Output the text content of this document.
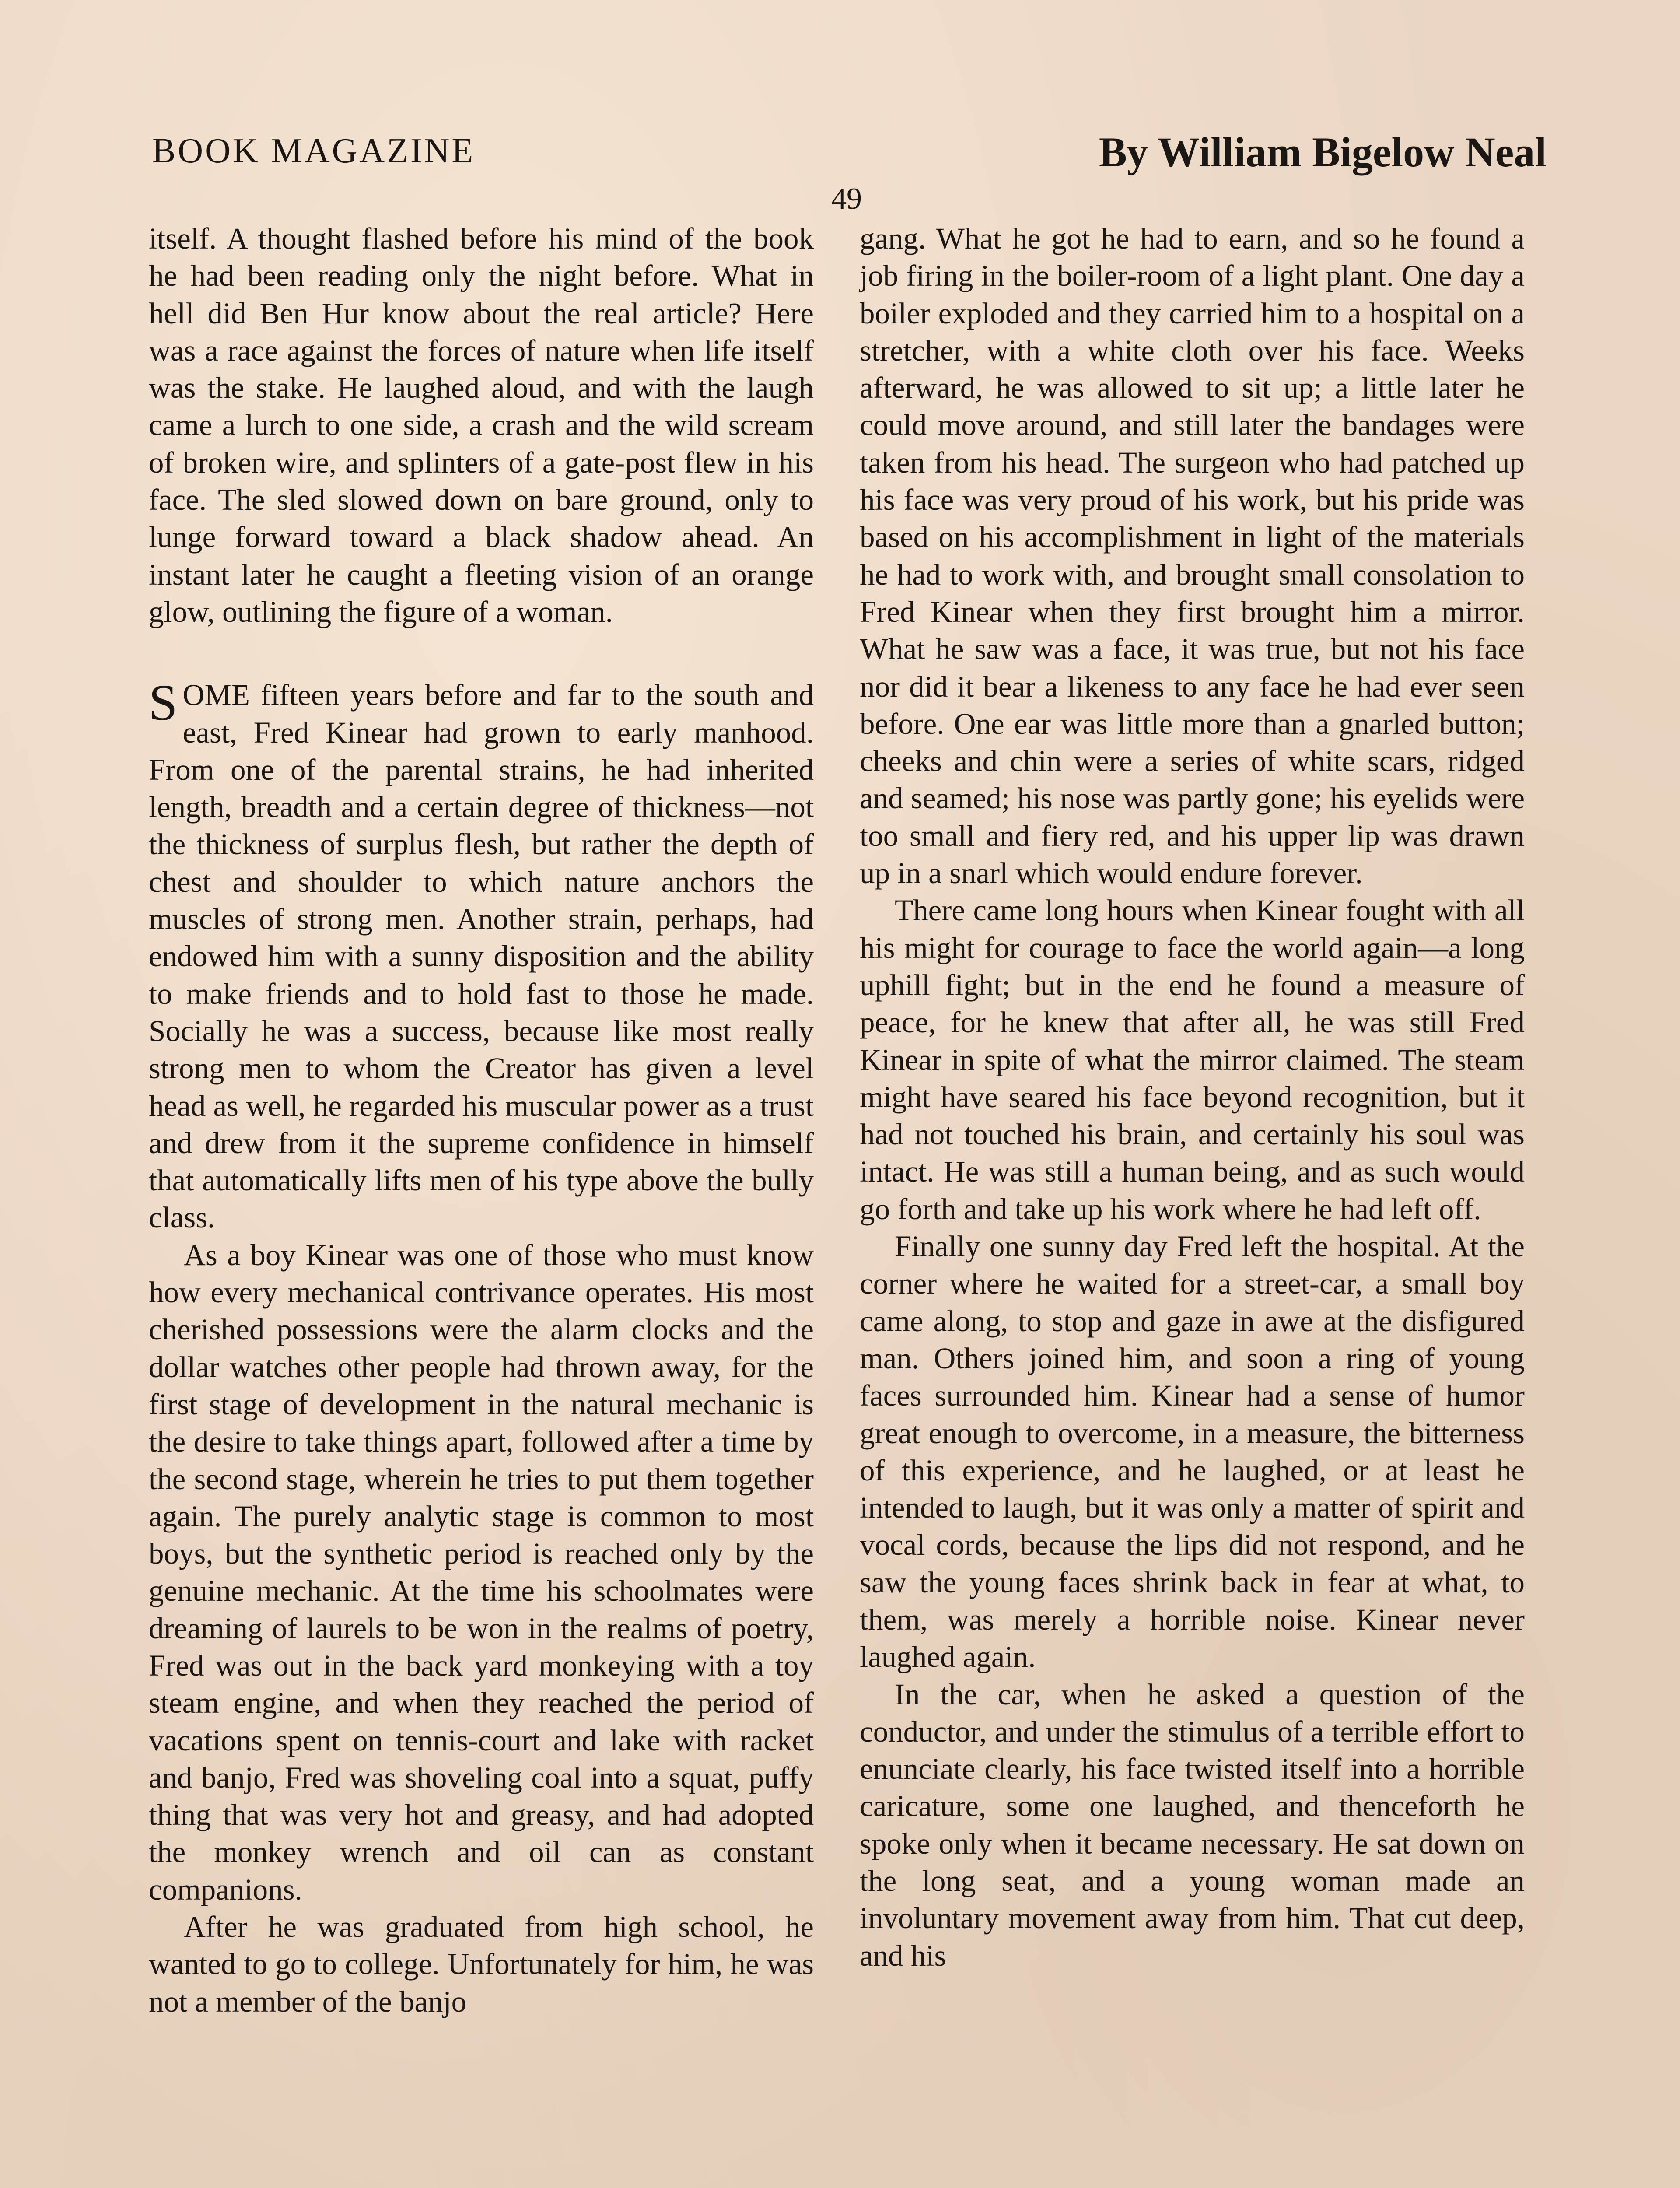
BOOK MAGAZINE	By William Bigelow Neal
49

itself. A thought flashed before his mind of the book he had been reading only the night before. What in hell did Ben Hur know about the real article? Here was a race against the forces of nature when life itself was the stake. He laughed aloud, and with the laugh came a lurch to one side, a crash and the wild scream of broken wire, and splinters of a gate-post flew in his face. The sled slowed down on bare ground, only to lunge forward toward a black shadow ahead. An instant later he caught a fleeting vision of an orange glow, outlining the figure of a woman.

SOME fifteen years before and far to the south and east, Fred Kinear had grown to early manhood. From one of the parental strains, he had inherited length, breadth and a certain degree of thickness—not the thickness of surplus flesh, but rather the depth of chest and shoulder to which nature anchors the muscles of strong men. Another strain, perhaps, had endowed him with a sunny disposition and the ability to make friends and to hold fast to those he made. Socially he was a success, because like most really strong men to whom the Creator has given a level head as well, he regarded his muscular power as a trust and drew from it the supreme confidence in himself that automatically lifts men of his type above the bully class.

As a boy Kinear was one of those who must know how every mechanical contrivance operates. His most cherished possessions were the alarm clocks and the dollar watches other people had thrown away, for the first stage of development in the natural mechanic is the desire to take things apart, followed after a time by the second stage, wherein he tries to put them together again. The purely analytic stage is common to most boys, but the synthetic period is reached only by the genuine mechanic. At the time his schoolmates were dreaming of laurels to be won in the realms of poetry, Fred was out in the back yard monkeying with a toy steam engine, and when they reached the period of vacations spent on tennis-court and lake with racket and banjo, Fred was shoveling coal into a squat, puffy thing that was very hot and greasy, and had adopted the monkey wrench and oil can as constant companions.

After he was graduated from high school, he wanted to go to college. Unfortunately for him, he was not a member of the banjo

gang. What he got he had to earn, and so he found a job firing in the boiler-room of a light plant. One day a boiler exploded and they carried him to a hospital on a stretcher, with a white cloth over his face. Weeks afterward, he was allowed to sit up; a little later he could move around, and still later the bandages were taken from his head. The surgeon who had patched up his face was very proud of his work, but his pride was based on his accomplishment in light of the materials he had to work with, and brought small consolation to Fred Kinear when they first brought him a mirror. What he saw was a face, it was true, but not his face nor did it bear a likeness to any face he had ever seen before. One ear was little more than a gnarled button; cheeks and chin were a series of white scars, ridged and seamed; his nose was partly gone; his eyelids were too small and fiery red, and his upper lip was drawn up in a snarl which would endure forever.

There came long hours when Kinear fought with all his might for courage to face the world again—a long uphill fight; but in the end he found a measure of peace, for he knew that after all, he was still Fred Kinear in spite of what the mirror claimed. The steam might have seared his face beyond recognition, but it had not touched his brain, and certainly his soul was intact. He was still a human being, and as such would go forth and take up his work where he had left off.

Finally one sunny day Fred left the hospital. At the corner where he waited for a street-car, a small boy came along, to stop and gaze in awe at the disfigured man. Others joined him, and soon a ring of young faces surrounded him. Kinear had a sense of humor great enough to overcome, in a measure, the bitterness of this experience, and he laughed, or at least he intended to laugh, but it was only a matter of spirit and vocal cords, because the lips did not respond, and he saw the young faces shrink back in fear at what, to them, was merely a horrible noise. Kinear never laughed again.

In the car, when he asked a question of the conductor, and under the stimulus of a terrible effort to enunciate clearly, his face twisted itself into a horrible caricature, some one laughed, and thenceforth he spoke only when it became necessary. He sat down on the long seat, and a young woman made an involuntary movement away from him. That cut deep, and his
